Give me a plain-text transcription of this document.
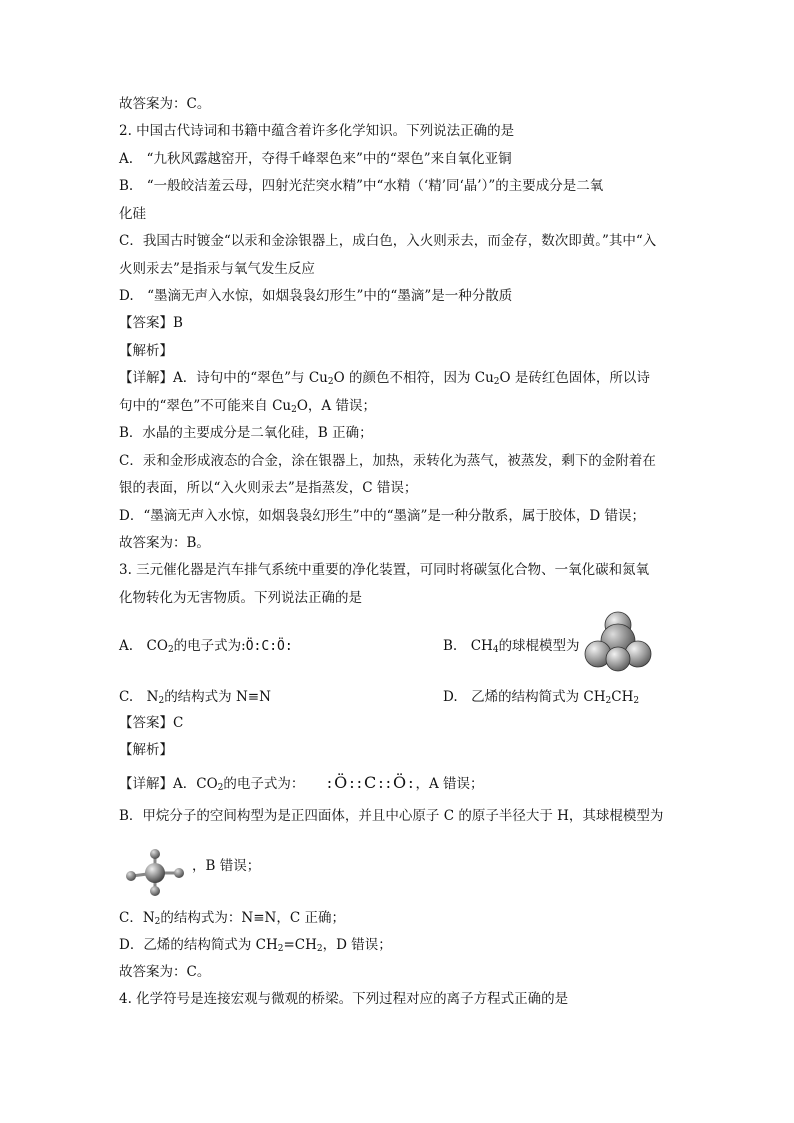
故答案为：C。
2. 中国古代诗词和书籍中蕴含着许多化学知识。下列说法正确的是
A.　“九秋风露越窑开，夺得千峰翠色来”中的“翠色”来自氧化亚铜
B.　“一般皎洁羞云母，四射光茫突水精”中“水精（‘精’同‘晶’）”的主要成分是二氧
化硅
C．我国古时镀金“以汞和金涂银器上，成白色，入火则汞去，而金存，数次即黄。”其中“入
火则汞去”是指汞与氧气发生反应
D.　“墨滴无声入水惊，如烟袅袅幻形生”中的“墨滴”是一种分散质
【答案】B
【解析】
【详解】A．诗句中的“翠色”与 $Cu_2O$ 的颜色不相符，因为 $Cu_2O$ 是砖红色固体，所以诗
句中的“翠色”不可能来自 $Cu_2O$，A 错误；
B．水晶的主要成分是二氧化硅，B 正确；
C．汞和金形成液态的合金，涂在银器上，加热，汞转化为蒸气，被蒸发，剩下的金附着在
银的表面，所以“入火则汞去”是指蒸发，C 错误；
D．“墨滴无声入水惊，如烟袅袅幻形生”中的“墨滴”是一种分散系，属于胶体，D 错误；
故答案为：B。
3. 三元催化器是汽车排气系统中重要的净化装置，可同时将碳氢化合物、一氧化碳和氮氧
化物转化为无害物质。下列说法正确的是
A.　$CO_2$的电子式为:Ö:C:Ö:	B.　$CH_4$的球棍模型为
C.　$N_2$的结构式为 N≡N	D.　乙烯的结构简式为 $CH_2CH_2$
【答案】C
【解析】
【详解】A．$CO_2$的电子式为： :Ö::C::Ö:，A 错误；
B．甲烷分子的空间构型为是正四面体，并且中心原子 C 的原子半径大于 H，其球棍模型为
，B 错误；
C．$N_2$的结构式为：N≡N，C 正确；
D．乙烯的结构简式为 $CH_2=CH_2$，D 错误；
故答案为：C。
4. 化学符号是连接宏观与微观的桥梁。下列过程对应的离子方程式正确的是
